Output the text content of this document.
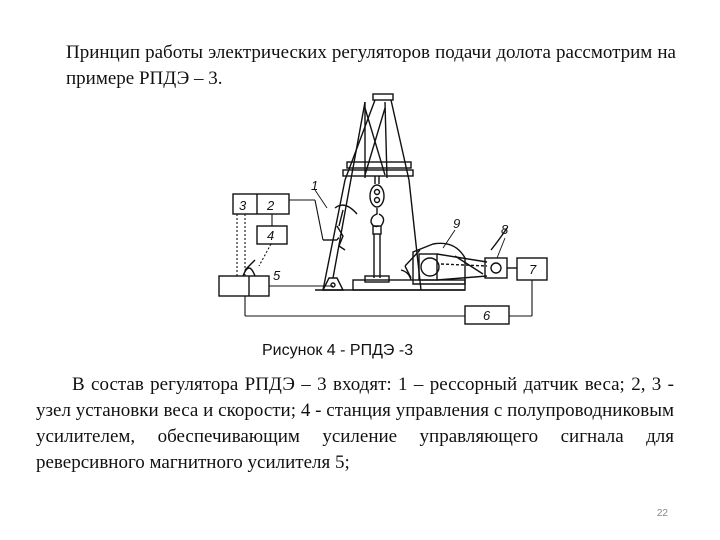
Принцип работы электрических регуляторов подачи долота рассмотрим на примере РПДЭ – 3.
3 2
4
5
6
7
8
9
1
Рисунок 4 - РПДЭ -3
В состав регулятора РПДЭ – 3 входят: 1 – рессорный датчик веса; 2, 3 - узел установки веса и скорости; 4 - станция управления с полупроводниковым усилителем, обеспечивающим усиление управляющего сигнала для реверсивного магнитного усилителя 5;
22
